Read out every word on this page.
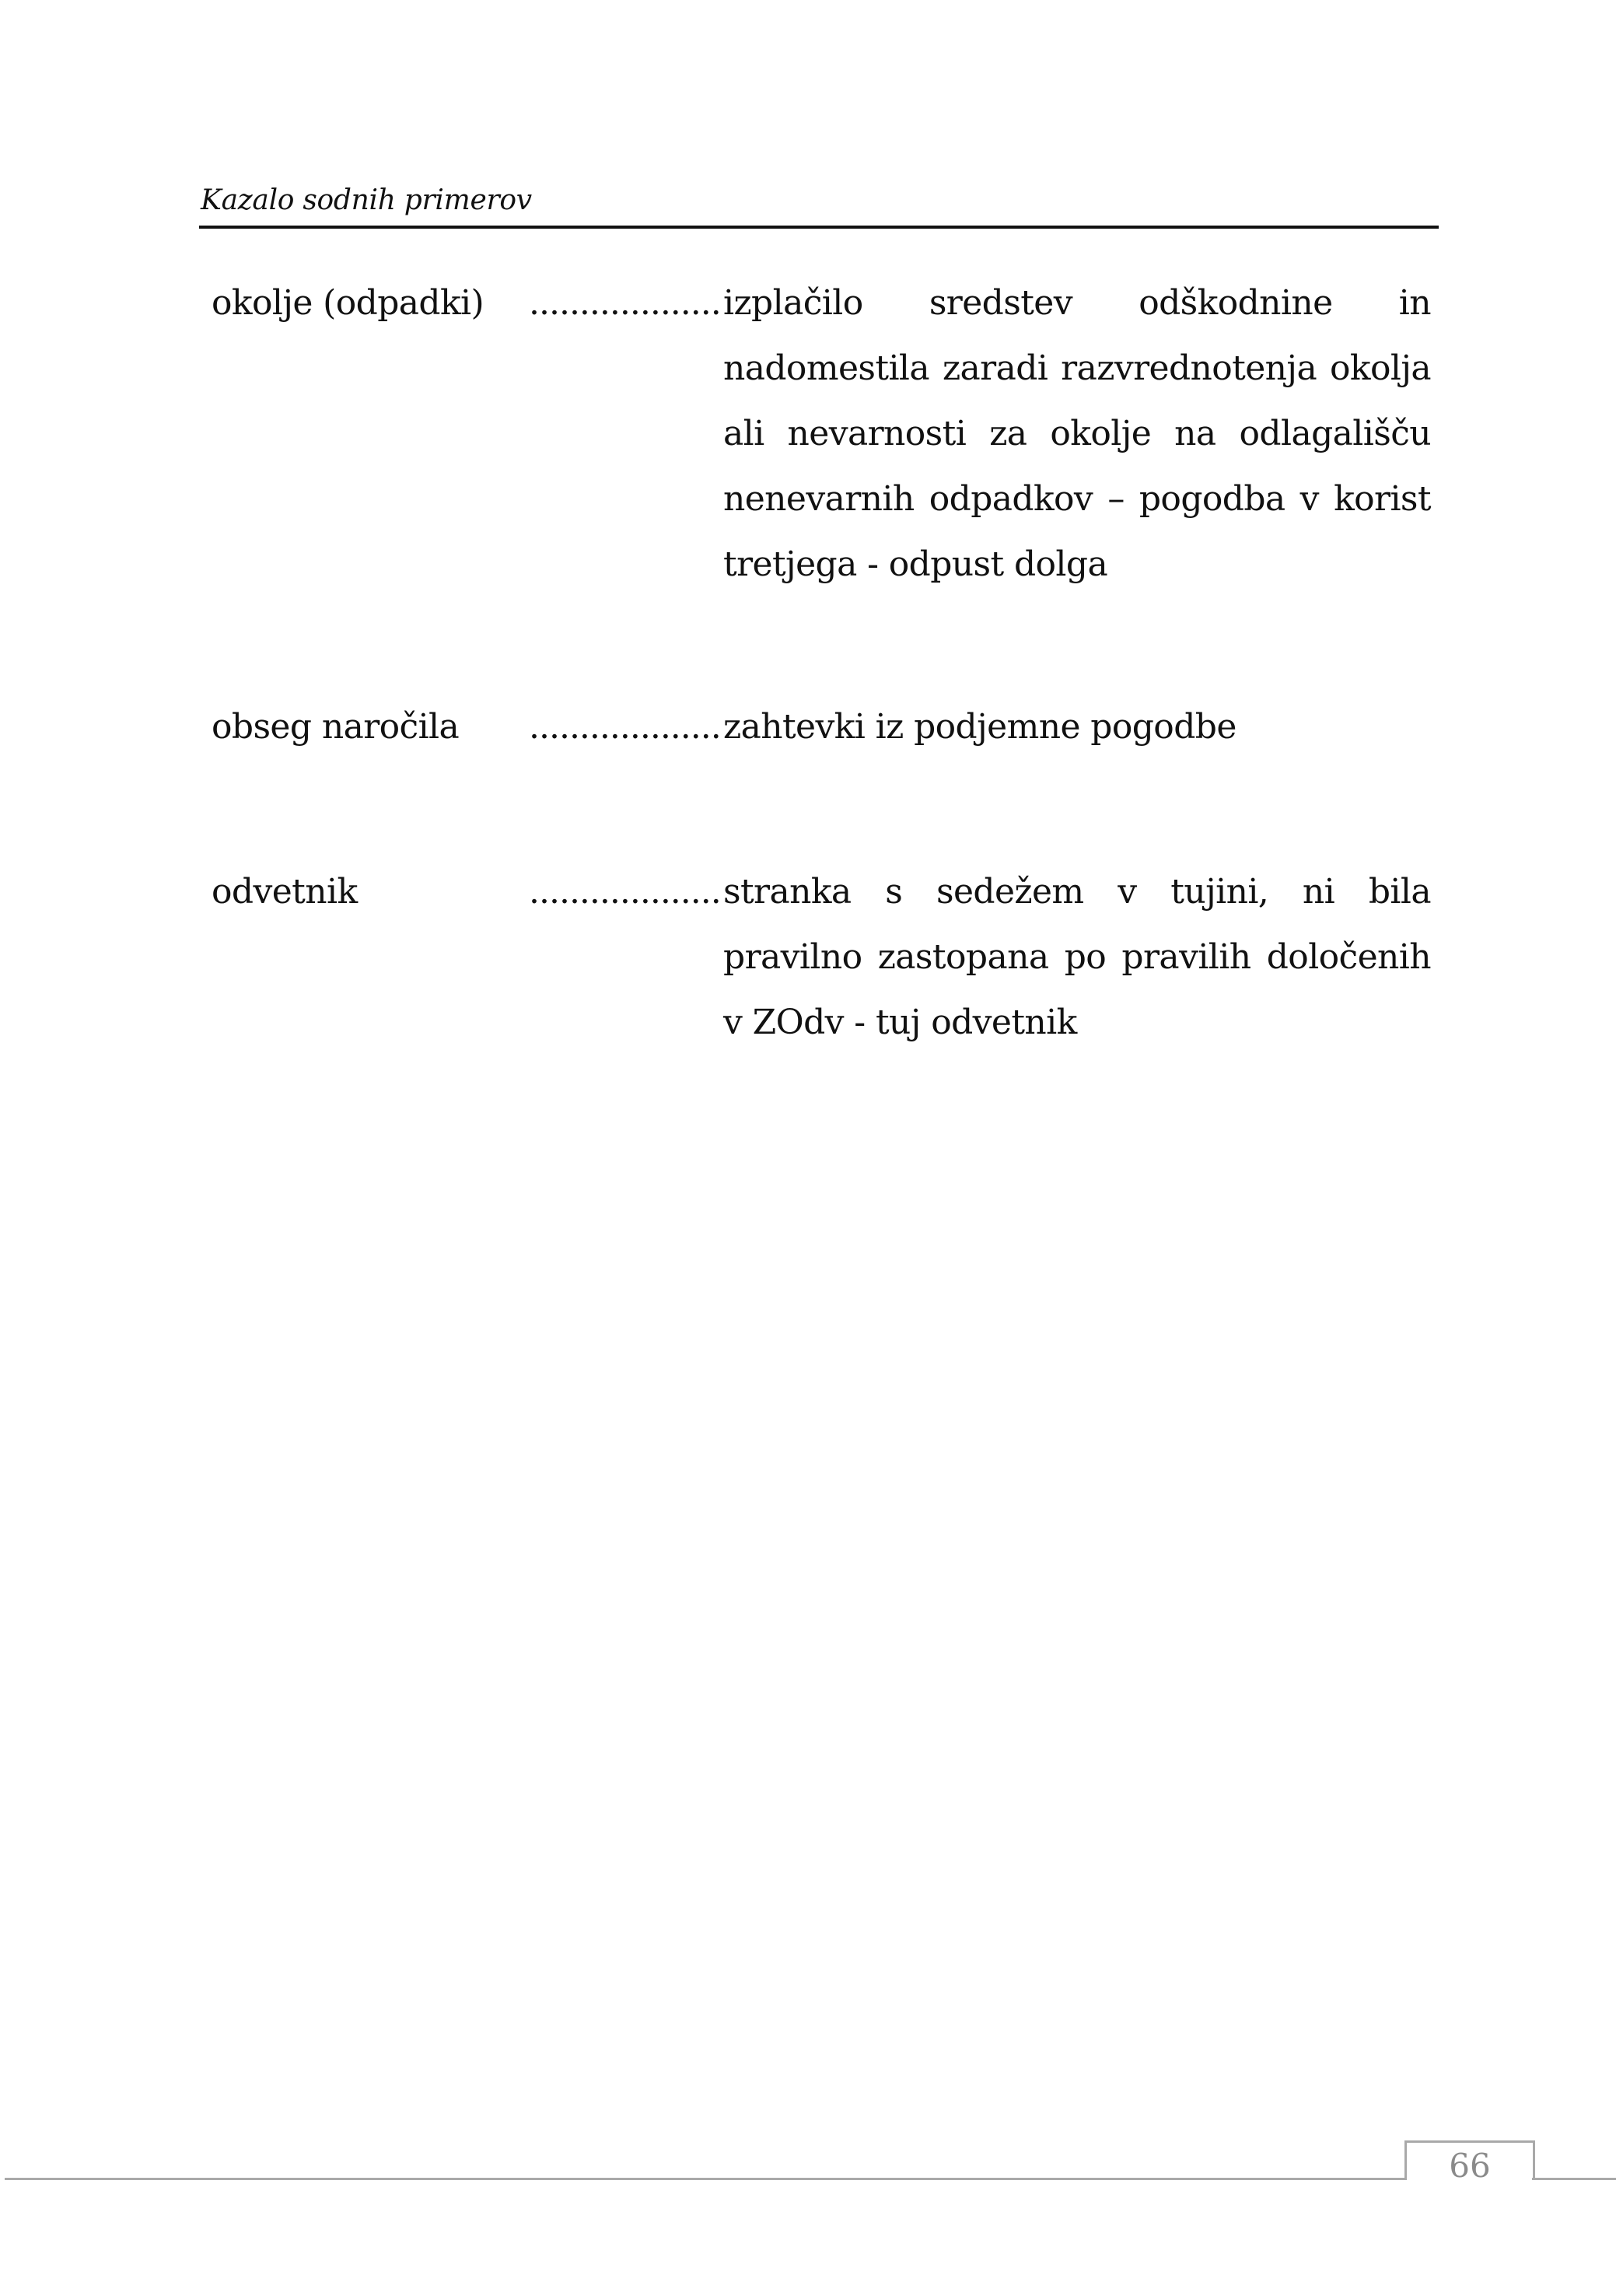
Kazalo sodnih primerov
okolje (odpadki) ................... izplačilo sredstev odškodnine in nadomestila zaradi razvrednotenja okolja ali nevarnosti za okolje na odlagališču nenevarnih odpadkov – pogodba v korist tretjega - odpust dolga

obseg naročila ................... zahtevki iz podjemne pogodbe

odvetnik	................... stranka s sedežem v tujini, ni bila pravilno zastopana po pravilih določenih v ZOdv - tuj odvetnik

66
